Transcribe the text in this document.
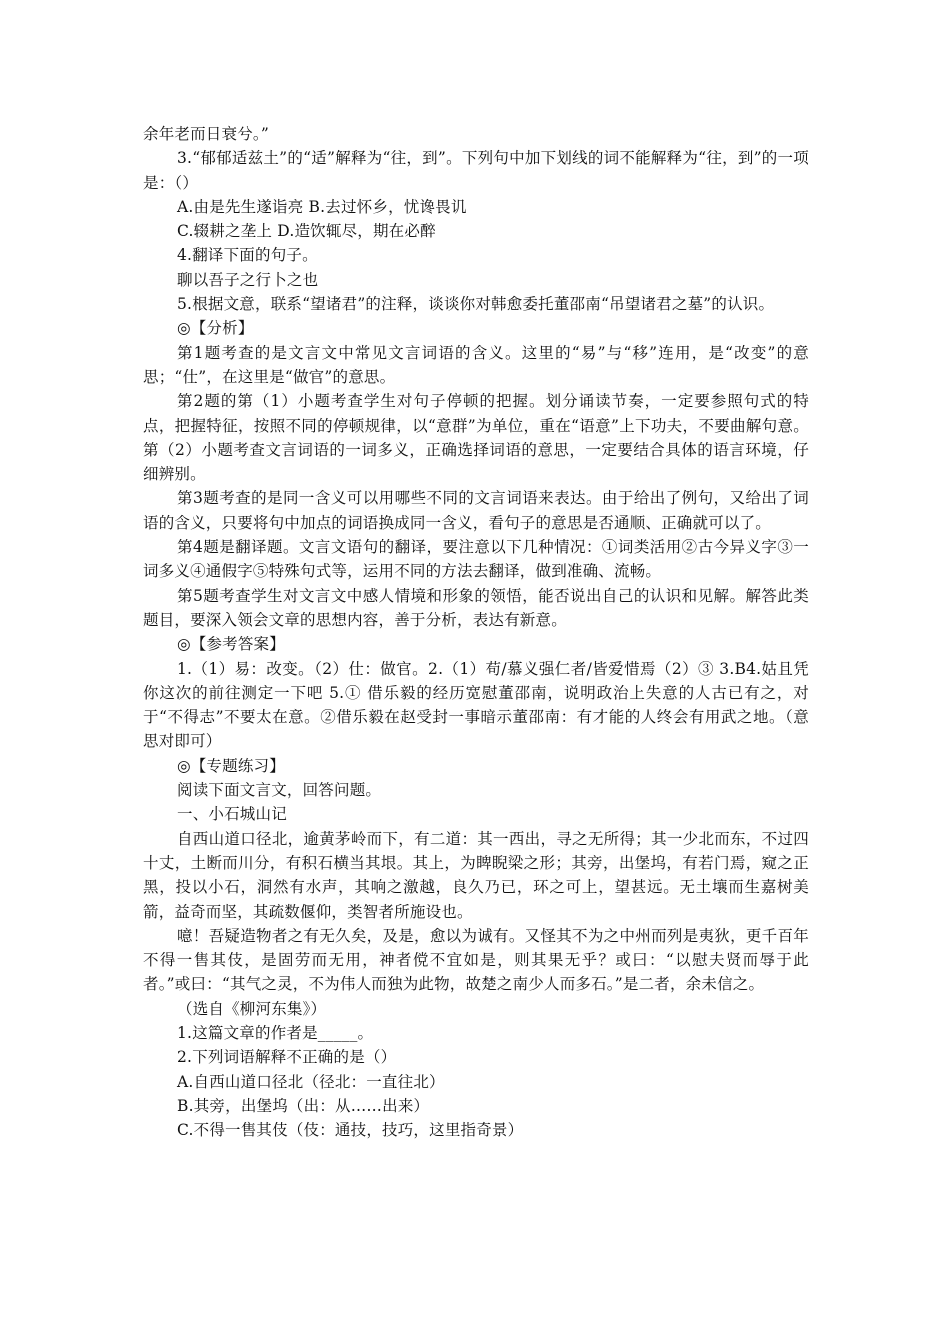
余年老而日衰兮。”

3.“郁郁适兹土”的“适”解释为“往，到”。下列句中加下划线的词不能解释为“往，到”的一项是：（）

A.由是先生遂诣亮 B.去过怀乡，忧谗畏讥

C.辍耕之垄上 D.造饮辄尽，期在必醉

4.翻译下面的句子。

聊以吾子之行卜之也

5.根据文意，联系“望诸君”的注释，谈谈你对韩愈委托董邵南“吊望诸君之墓”的认识。

◎【分析】

第1题考查的是文言文中常见文言词语的含义。这里的“易”与“移”连用，是“改变”的意思；“仕”，在这里是“做官”的意思。

第2题的第（1）小题考查学生对句子停顿的把握。划分诵读节奏，一定要参照句式的特点，把握特征，按照不同的停顿规律，以“意群”为单位，重在“语意”上下功夫，不要曲解句意。第（2）小题考查文言词语的一词多义，正确选择词语的意思，一定要结合具体的语言环境，仔细辨别。

第3题考查的是同一含义可以用哪些不同的文言词语来表达。由于给出了例句，又给出了词语的含义，只要将句中加点的词语换成同一含义，看句子的意思是否通顺、正确就可以了。

第4题是翻译题。文言文语句的翻译，要注意以下几种情况：①词类活用②古今异义字③一词多义④通假字⑤特殊句式等，运用不同的方法去翻译，做到准确、流畅。

第5题考查学生对文言文中感人情境和形象的领悟，能否说出自己的认识和见解。解答此类题目，要深入领会文章的思想内容，善于分析，表达有新意。

◎【参考答案】

1.（1）易：改变。（2）仕：做官。2.（1）苟/慕义强仁者/皆爱惜焉（2）③ 3.B4.姑且凭你这次的前往测定一下吧 5.① 借乐毅的经历宽慰董邵南，说明政治上失意的人古已有之，对于“不得志”不要太在意。②借乐毅在赵受封一事暗示董邵南：有才能的人终会有用武之地。（意思对即可）

◎【专题练习】

阅读下面文言文，回答问题。

一、小石城山记

自西山道口径北，逾黄茅岭而下，有二道：其一西出，寻之无所得；其一少北而东，不过四十丈，土断而川分，有积石横当其垠。其上，为睥睨梁之形；其旁，出堡坞，有若门焉，窥之正黑，投以小石，洞然有水声，其响之激越，良久乃已，环之可上，望甚远。无土壤而生嘉树美箭，益奇而坚，其疏数偃仰，类智者所施设也。

噫！吾疑造物者之有无久矣，及是，愈以为诚有。又怪其不为之中州而列是夷狄，更千百年不得一售其伎，是固劳而无用，神者傥不宜如是，则其果无乎？或曰：“以慰夫贤而辱于此者。”或曰：“其气之灵，不为伟人而独为此物，故楚之南少人而多石。”是二者，余未信之。

（选自《柳河东集》）

1.这篇文章的作者是_____。

2.下列词语解释不正确的是（）

A.自西山道口径北（径北：一直往北）

B.其旁，出堡坞（出：从……出来）

C.不得一售其伎（伎：通技，技巧，这里指奇景）
